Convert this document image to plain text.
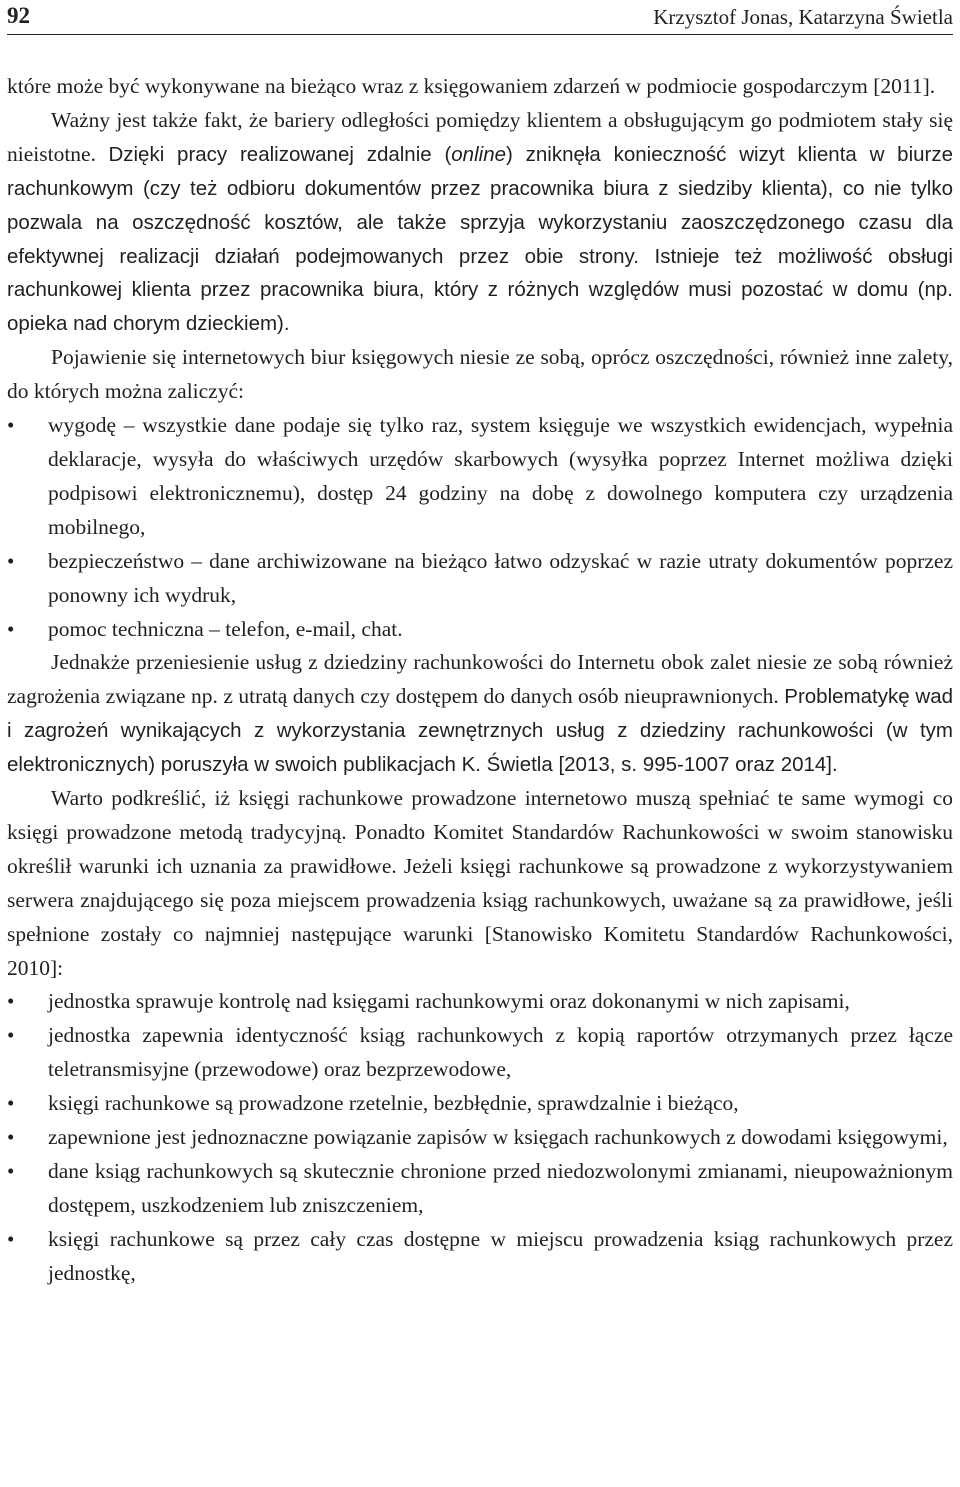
92	Krzysztof Jonas, Katarzyna Świetla

które może być wykonywane na bieżąco wraz z księgowaniem zdarzeń w podmiocie gospodarczym [2011].

Ważny jest także fakt, że bariery odległości pomiędzy klientem a obsługującym go podmiotem stały się nieistotne. Dzięki pracy realizowanej zdalnie (online) zniknęła konieczność wizyt klienta w biurze rachunkowym (czy też odbioru dokumentów przez pracownika biura z siedziby klienta), co nie tylko pozwala na oszczędność kosztów, ale także sprzyja wykorzystaniu zaoszczędzonego czasu dla efektywnej realizacji działań podejmowanych przez obie strony. Istnieje też możliwość obsługi rachunkowej klienta przez pracownika biura, który z różnych względów musi pozostać w domu (np. opieka nad chorym dzieckiem).

Pojawienie się internetowych biur księgowych niesie ze sobą, oprócz oszczędności, również inne zalety, do których można zaliczyć:

• wygodę – wszystkie dane podaje się tylko raz, system księguje we wszystkich ewidencjach, wypełnia deklaracje, wysyła do właściwych urzędów skarbowych (wysyłka poprzez Internet możliwa dzięki podpisowi elektronicznemu), dostęp 24 godziny na dobę z dowolnego komputera czy urządzenia mobilnego,
• bezpieczeństwo – dane archiwizowane na bieżąco łatwo odzyskać w razie utraty dokumentów poprzez ponowny ich wydruk,
• pomoc techniczna – telefon, e-mail, chat.

Jednakże przeniesienie usług z dziedziny rachunkowości do Internetu obok zalet niesie ze sobą również zagrożenia związane np. z utratą danych czy dostępem do danych osób nieuprawnionych. Problematykę wad i zagrożeń wynikających z wykorzystania zewnętrznych usług z dziedziny rachunkowości (w tym elektronicznych) poruszyła w swoich publikacjach K. Świetla [2013, s. 995-1007 oraz 2014].

Warto podkreślić, iż księgi rachunkowe prowadzone internetowo muszą spełniać te same wymogi co księgi prowadzone metodą tradycyjną. Ponadto Komitet Standardów Rachunkowości w swoim stanowisku określił warunki ich uznania za prawidłowe. Jeżeli księgi rachunkowe są prowadzone z wykorzystywaniem serwera znajdującego się poza miejscem prowadzenia ksiąg rachunkowych, uważane są za prawidłowe, jeśli spełnione zostały co najmniej następujące warunki [Stanowisko Komitetu Standardów Rachunkowości, 2010]:

• jednostka sprawuje kontrolę nad księgami rachunkowymi oraz dokonanymi w nich zapisami,
• jednostka zapewnia identyczność ksiąg rachunkowych z kopią raportów otrzymanych przez łącze teletransmisyjne (przewodowe) oraz bezprzewodowe,
• księgi rachunkowe są prowadzone rzetelnie, bezbłędnie, sprawdzalnie i bieżąco,
• zapewnione jest jednoznaczne powiązanie zapisów w księgach rachunkowych z dowodami księgowymi,
• dane ksiąg rachunkowych są skutecznie chronione przed niedozwolonymi zmianami, nieupoważnionym dostępem, uszkodzeniem lub zniszczeniem,
• księgi rachunkowe są przez cały czas dostępne w miejscu prowadzenia ksiąg rachunkowych przez jednostkę,
